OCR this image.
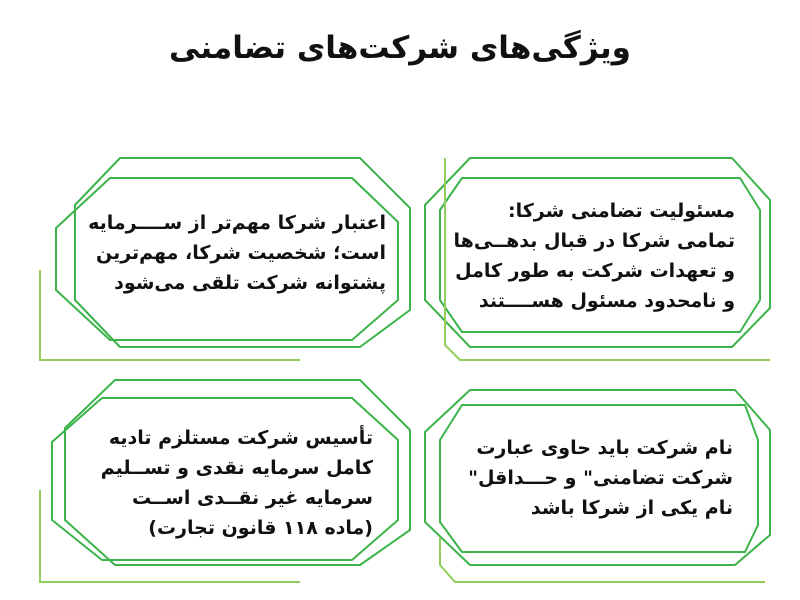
ویژگی‌های شرکت‌های تضامنی
اعتبار شرکا مهم‌تر از ســــرمایه
است؛ شخصیت شرکا، مهم‌ترین
پشتوانه شرکت تلقی می‌شود
مسئولیت تضامنی شرکا:
تمامی شرکا در قبال بدهــی‌ها
و تعهدات شرکت به طور کامل
و نامحدود مسئول هســــتند
تأسیس شرکت مستلزم تادیه
کامل سرمایه نقدی و تســلیم
سرمایه غیر نقــدی اســت
(ماده ۱۱۸ قانون تجارت)
نام شرکت باید حاوی عبارت
شرکت تضامنی" و حـــداقل"
نام یکی از شرکا باشد
